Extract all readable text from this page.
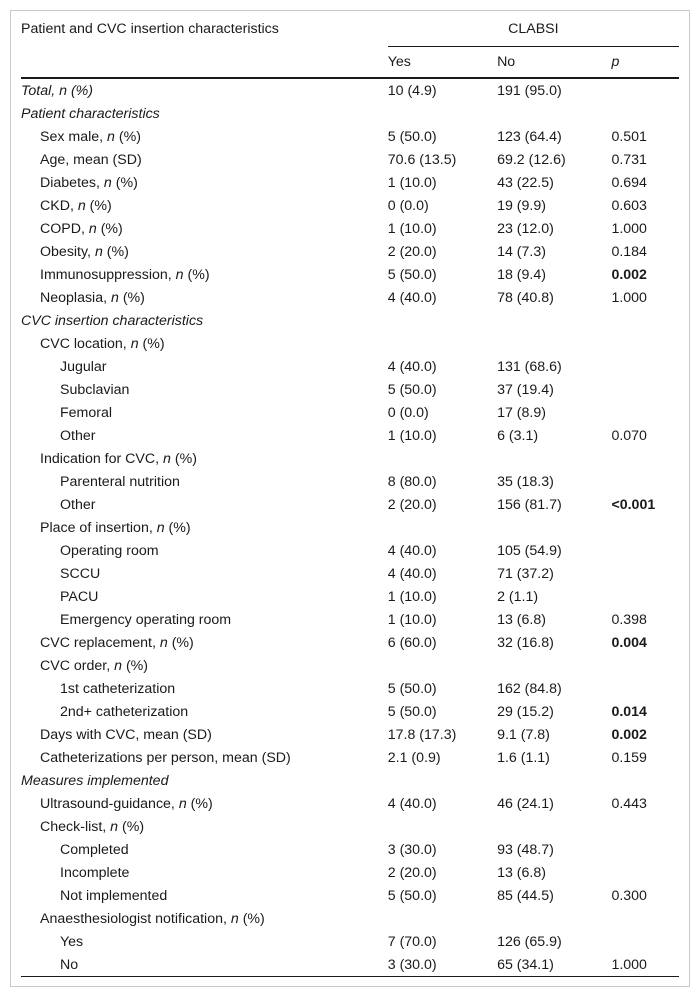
Patient and CVC insertion characteristics	CLABSI		
	Yes	No	p
Total, n (%)	10 (4.9)	191 (95.0)	
Patient characteristics			
Sex male, n (%)	5 (50.0)	123 (64.4)	0.501
Age, mean (SD)	70.6 (13.5)	69.2 (12.6)	0.731
Diabetes, n (%)	1 (10.0)	43 (22.5)	0.694
CKD, n (%)	0 (0.0)	19 (9.9)	0.603
COPD, n (%)	1 (10.0)	23 (12.0)	1.000
Obesity, n (%)	2 (20.0)	14 (7.3)	0.184
Immunosuppression, n (%)	5 (50.0)	18 (9.4)	0.002
Neoplasia, n (%)	4 (40.0)	78 (40.8)	1.000
CVC insertion characteristics			
CVC location, n (%)			
Jugular	4 (40.0)	131 (68.6)	
Subclavian	5 (50.0)	37 (19.4)	
Femoral	0 (0.0)	17 (8.9)	
Other	1 (10.0)	6 (3.1)	0.070
Indication for CVC, n (%)			
Parenteral nutrition	8 (80.0)	35 (18.3)	
Other	2 (20.0)	156 (81.7)	<0.001
Place of insertion, n (%)			
Operating room	4 (40.0)	105 (54.9)	
SCCU	4 (40.0)	71 (37.2)	
PACU	1 (10.0)	2 (1.1)	
Emergency operating room	1 (10.0)	13 (6.8)	0.398
CVC replacement, n (%)	6 (60.0)	32 (16.8)	0.004
CVC order, n (%)			
1st catheterization	5 (50.0)	162 (84.8)	
2nd+ catheterization	5 (50.0)	29 (15.2)	0.014
Days with CVC, mean (SD)	17.8 (17.3)	9.1 (7.8)	0.002
Catheterizations per person, mean (SD)	2.1 (0.9)	1.6 (1.1)	0.159
Measures implemented			
Ultrasound-guidance, n (%)	4 (40.0)	46 (24.1)	0.443
Check-list, n (%)			
Completed	3 (30.0)	93 (48.7)	
Incomplete	2 (20.0)	13 (6.8)	
Not implemented	5 (50.0)	85 (44.5)	0.300
Anaesthesiologist notification, n (%)			
Yes	7 (70.0)	126 (65.9)	
No	3 (30.0)	65 (34.1)	1.000
